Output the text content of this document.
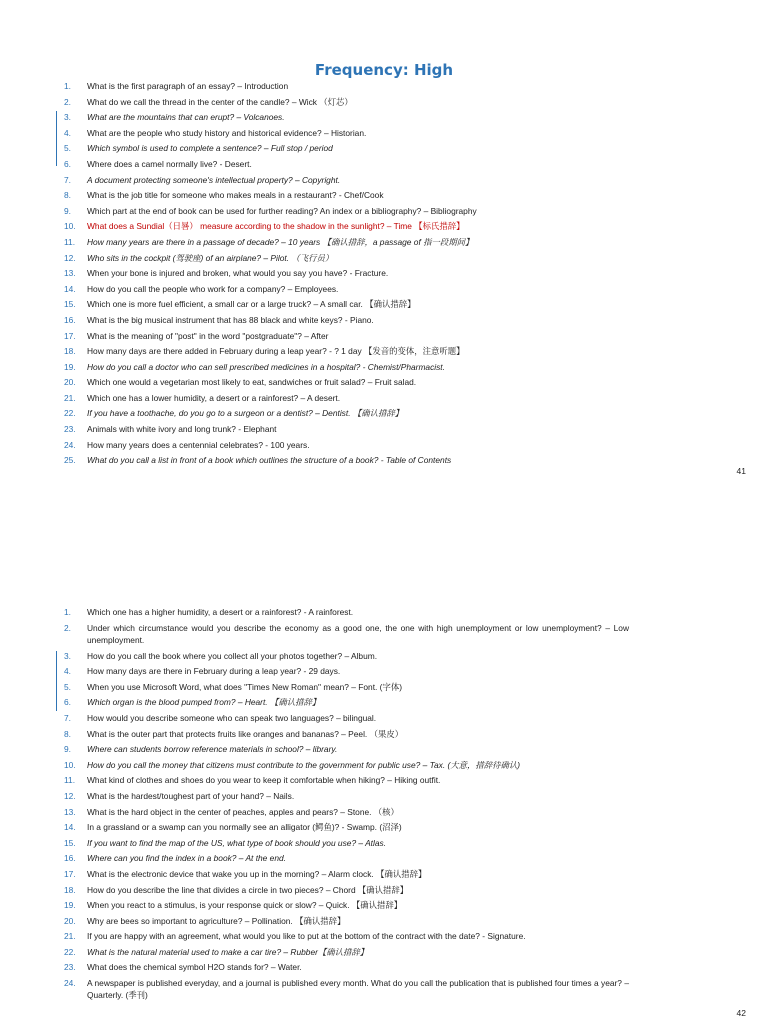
Frequency: High
1.	What is the first paragraph of an essay? – Introduction
2.	What do we call the thread in the center of the candle? – Wick （灯芯）
3.	What are the mountains that can erupt? – Volcanoes.
4.	What are the people who study history and historical evidence? – Historian.
5.	Which symbol is used to complete a sentence? – Full stop / period
6.	Where does a camel normally live? - Desert.
7.	A document protecting someone's intellectual property? – Copyright.
8.	What is the job title for someone who makes meals in a restaurant? - Chef/Cook
9.	Which part at the end of book can be used for further reading? An index or a bibliography? – Bibliography
10.	What does a Sundial（日晷） measure according to the shadow in the sunlight? – Time 【标氏措辞】
11.	How many years are there in a passage of decade? – 10 years 【确认措辞，a passage of 指一段期间】
12.	Who sits in the cockpit (驾驶座) of an airplane? – Pilot. （飞行员）
13.	When your bone is injured and broken, what would you say you have? - Fracture.
14.	How do you call the people who work for a company? – Employees.
15.	Which one is more fuel efficient, a small car or a large truck? – A small car. 【确认措辞】
16.	What is the big musical instrument that has 88 black and white keys? - Piano.
17.	What is the meaning of "post" in the word "postgraduate"? – After
18.	How many days are there added in February during a leap year? - ? 1 day 【发音的变体，注意听题】
19.	How do you call a doctor who can sell prescribed medicines in a hospital? - Chemist/Pharmacist.
20.	Which one would a vegetarian most likely to eat, sandwiches or fruit salad? – Fruit salad.
21.	Which one has a lower humidity, a desert or a rainforest? – A desert.
22.	If you have a toothache, do you go to a surgeon or a dentist? – Dentist. 【确认措辞】
23.	Animals with white ivory and long trunk? - Elephant
24.	How many years does a centennial celebrates? - 100 years.
25.	What do you call a list in front of a book which outlines the structure of a book? - Table of Contents
41
1.	Which one has a higher humidity, a desert or a rainforest? - A rainforest.
2.	Under which circumstance would you describe the economy as a good one, the one with high unemployment or low unemployment? – Low unemployment.
3.	How do you call the book where you collect all your photos together? – Album.
4.	How many days are there in February during a leap year? - 29 days.
5.	When you use Microsoft Word, what does "Times New Roman" mean? – Font. (字体)
6.	Which organ is the blood pumped from? – Heart. 【确认措辞】
7.	How would you describe someone who can speak two languages? – bilingual.
8.	What is the outer part that protects fruits like oranges and bananas? – Peel. （果皮）
9.	Where can students borrow reference materials in school? – library.
10.	How do you call the money that citizens must contribute to the government for public use? – Tax. (大意，措辞待确认)
11.	What kind of clothes and shoes do you wear to keep it comfortable when hiking? – Hiking outfit.
12.	What is the hardest/toughest part of your hand? – Nails.
13.	What is the hard object in the center of peaches, apples and pears? – Stone. （核）
14.	In a grassland or a swamp can you normally see an alligator (鳄鱼)? - Swamp. (沼泽)
15.	If you want to find the map of the US, what type of book should you use? – Atlas.
16.	Where can you find the index in a book? – At the end.
17.	What is the electronic device that wake you up in the morning? – Alarm clock. 【确认措辞】
18.	How do you describe the line that divides a circle in two pieces? – Chord 【确认措辞】
19.	When you react to a stimulus, is your response quick or slow? – Quick. 【确认措辞】
20.	Why are bees so important to agriculture? – Pollination. 【确认措辞】
21.	If you are happy with an agreement, what would you like to put at the bottom of the contract with the date? - Signature.
22.	What is the natural material used to make a car tire? – Rubber【确认措辞】
23.	What does the chemical symbol H2O stands for? – Water.
24.	A newspaper is published everyday, and a journal is published every month. What do you call the publication that is published four times a year? – Quarterly. (季刊)
42
